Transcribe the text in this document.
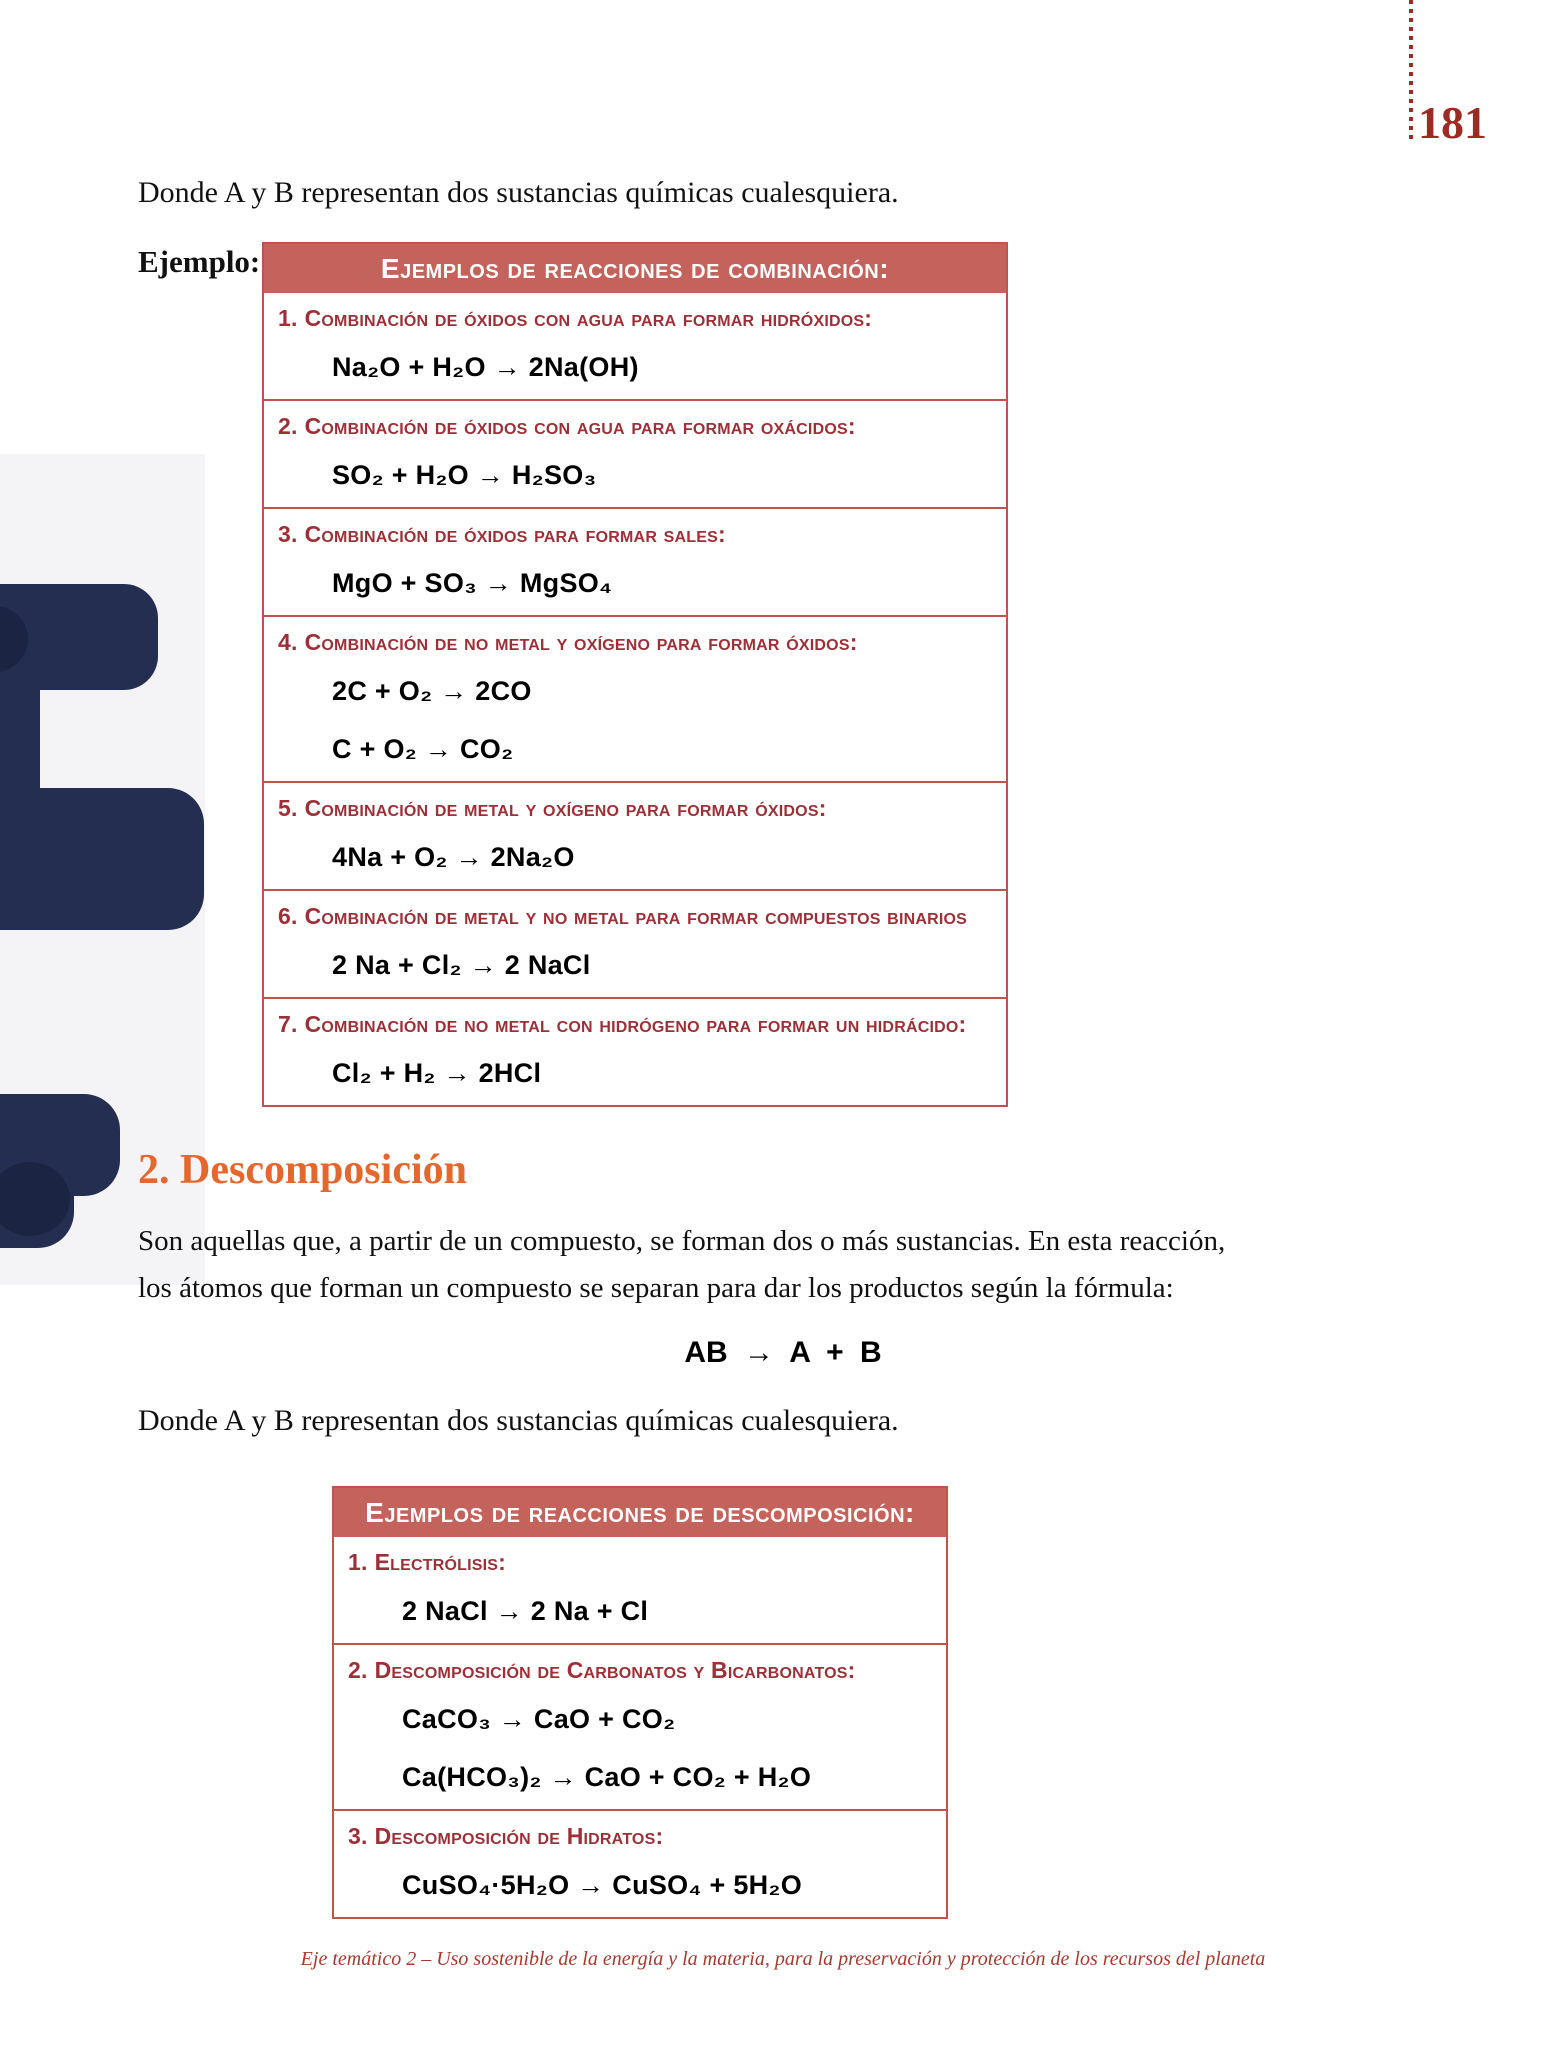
181
Donde A y B representan dos sustancias químicas cualesquiera.
Ejemplo:	Ejemplos de reacciones de combinación:
1. Combinación de óxidos con agua para formar hidróxidos:
Na₂O + H₂O → 2Na(OH)
2. Combinación de óxidos con agua para formar oxácidos:
SO₂ + H₂O → H₂SO₃
3. Combinación de óxidos para formar sales:
MgO + SO₃ → MgSO₄
4. Combinación de no metal y oxígeno para formar óxidos:
2C + O₂ → 2CO
C + O₂ → CO₂
5. Combinación de metal y oxígeno para formar óxidos:
4Na + O₂ → 2Na₂O
6. Combinación de metal y no metal para formar compuestos binarios
2 Na + Cl₂ → 2 NaCl
7. Combinación de no metal con hidrógeno para formar un hidrácido:
Cl₂ + H₂ → 2HCl
2. Descomposición
Son aquellas que, a partir de un compuesto, se forman dos o más sustancias. En esta reacción,
los átomos que forman un compuesto se separan para dar los productos según la fórmula:
AB → A + B
Donde A y B representan dos sustancias químicas cualesquiera.
Ejemplos de reacciones de descomposición:
1. Electrólisis:
2 NaCl → 2 Na + Cl
2. Descomposición de Carbonatos y Bicarbonatos:
CaCO₃ → CaO + CO₂
Ca(HCO₃)₂ → CaO + CO₂ + H₂O
3. Descomposición de Hidratos:
CuSO₄·5H₂O → CuSO₄ + 5H₂O
Eje temático 2 – Uso sostenible de la energía y la materia, para la preservación y protección de los recursos del planeta
